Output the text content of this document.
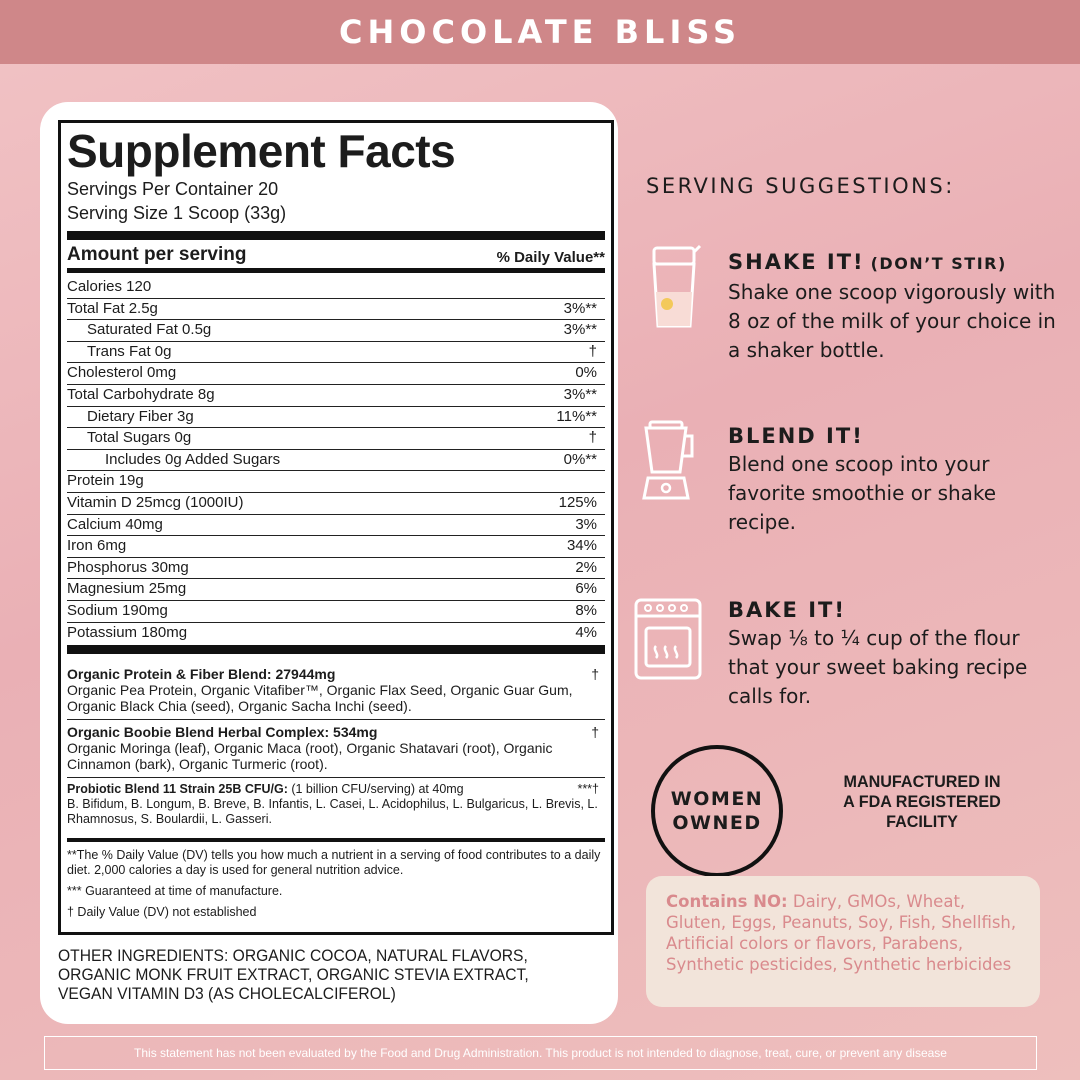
CHOCOLATE BLISS
Supplement Facts
Servings Per Container 20
Serving Size 1 Scoop (33g)
Amount per serving	% Daily Value**
Calories 120
Total Fat 2.5g	3%**
Saturated Fat 0.5g	3%**
Trans Fat 0g	†
Cholesterol 0mg	0%
Total Carbohydrate 8g	3%**
Dietary Fiber 3g	11%**
Total Sugars 0g	†
Includes 0g Added Sugars	0%**
Protein 19g
Vitamin D 25mcg (1000IU)	125%
Calcium 40mg	3%
Iron 6mg	34%
Phosphorus 30mg	2%
Magnesium 25mg	6%
Sodium 190mg	8%
Potassium 180mg	4%
Organic Protein & Fiber Blend: 27944mg	†
Organic Pea Protein, Organic Vitafiber™, Organic Flax Seed, Organic Guar Gum, Organic Black Chia (seed), Organic Sacha Inchi (seed).
Organic Boobie Blend Herbal Complex: 534mg	†
Organic Moringa (leaf), Organic Maca (root), Organic Shatavari (root), Organic Cinnamon (bark), Organic Turmeric (root).
Probiotic Blend 11 Strain 25B CFU/G: (1 billion CFU/serving) at 40mg	***†
B. Bifidum, B. Longum, B. Breve, B. Infantis, L. Casei, L. Acidophilus, L. Bulgaricus, L. Brevis, L. Rhamnosus, S. Boulardii, L. Gasseri.
**The % Daily Value (DV) tells you how much a nutrient in a serving of food contributes to a daily diet. 2,000 calories a day is used for general nutrition advice.
*** Guaranteed at time of manufacture.
† Daily Value (DV) not established
OTHER INGREDIENTS: ORGANIC COCOA, NATURAL FLAVORS, ORGANIC MONK FRUIT EXTRACT, ORGANIC STEVIA EXTRACT, VEGAN VITAMIN D3 (AS CHOLECALCIFEROL)
SERVING SUGGESTIONS:
SHAKE IT! (DON’T STIR)
Shake one scoop vigorously with 8 oz of the milk of your choice in a shaker bottle.
BLEND IT!
Blend one scoop into your favorite smoothie or shake recipe.
BAKE IT!
Swap ⅛ to ¼ cup of the flour that your sweet baking recipe calls for.
WOMEN
OWNED
MANUFACTURED IN
A FDA REGISTERED
FACILITY
Contains NO: Dairy, GMOs, Wheat, Gluten, Eggs, Peanuts, Soy, Fish, Shellfish, Artificial colors or flavors, Parabens, Synthetic pesticides, Synthetic herbicides
This statement has not been evaluated by the Food and Drug Administration. This product is not intended to diagnose, treat, cure, or prevent any disease
